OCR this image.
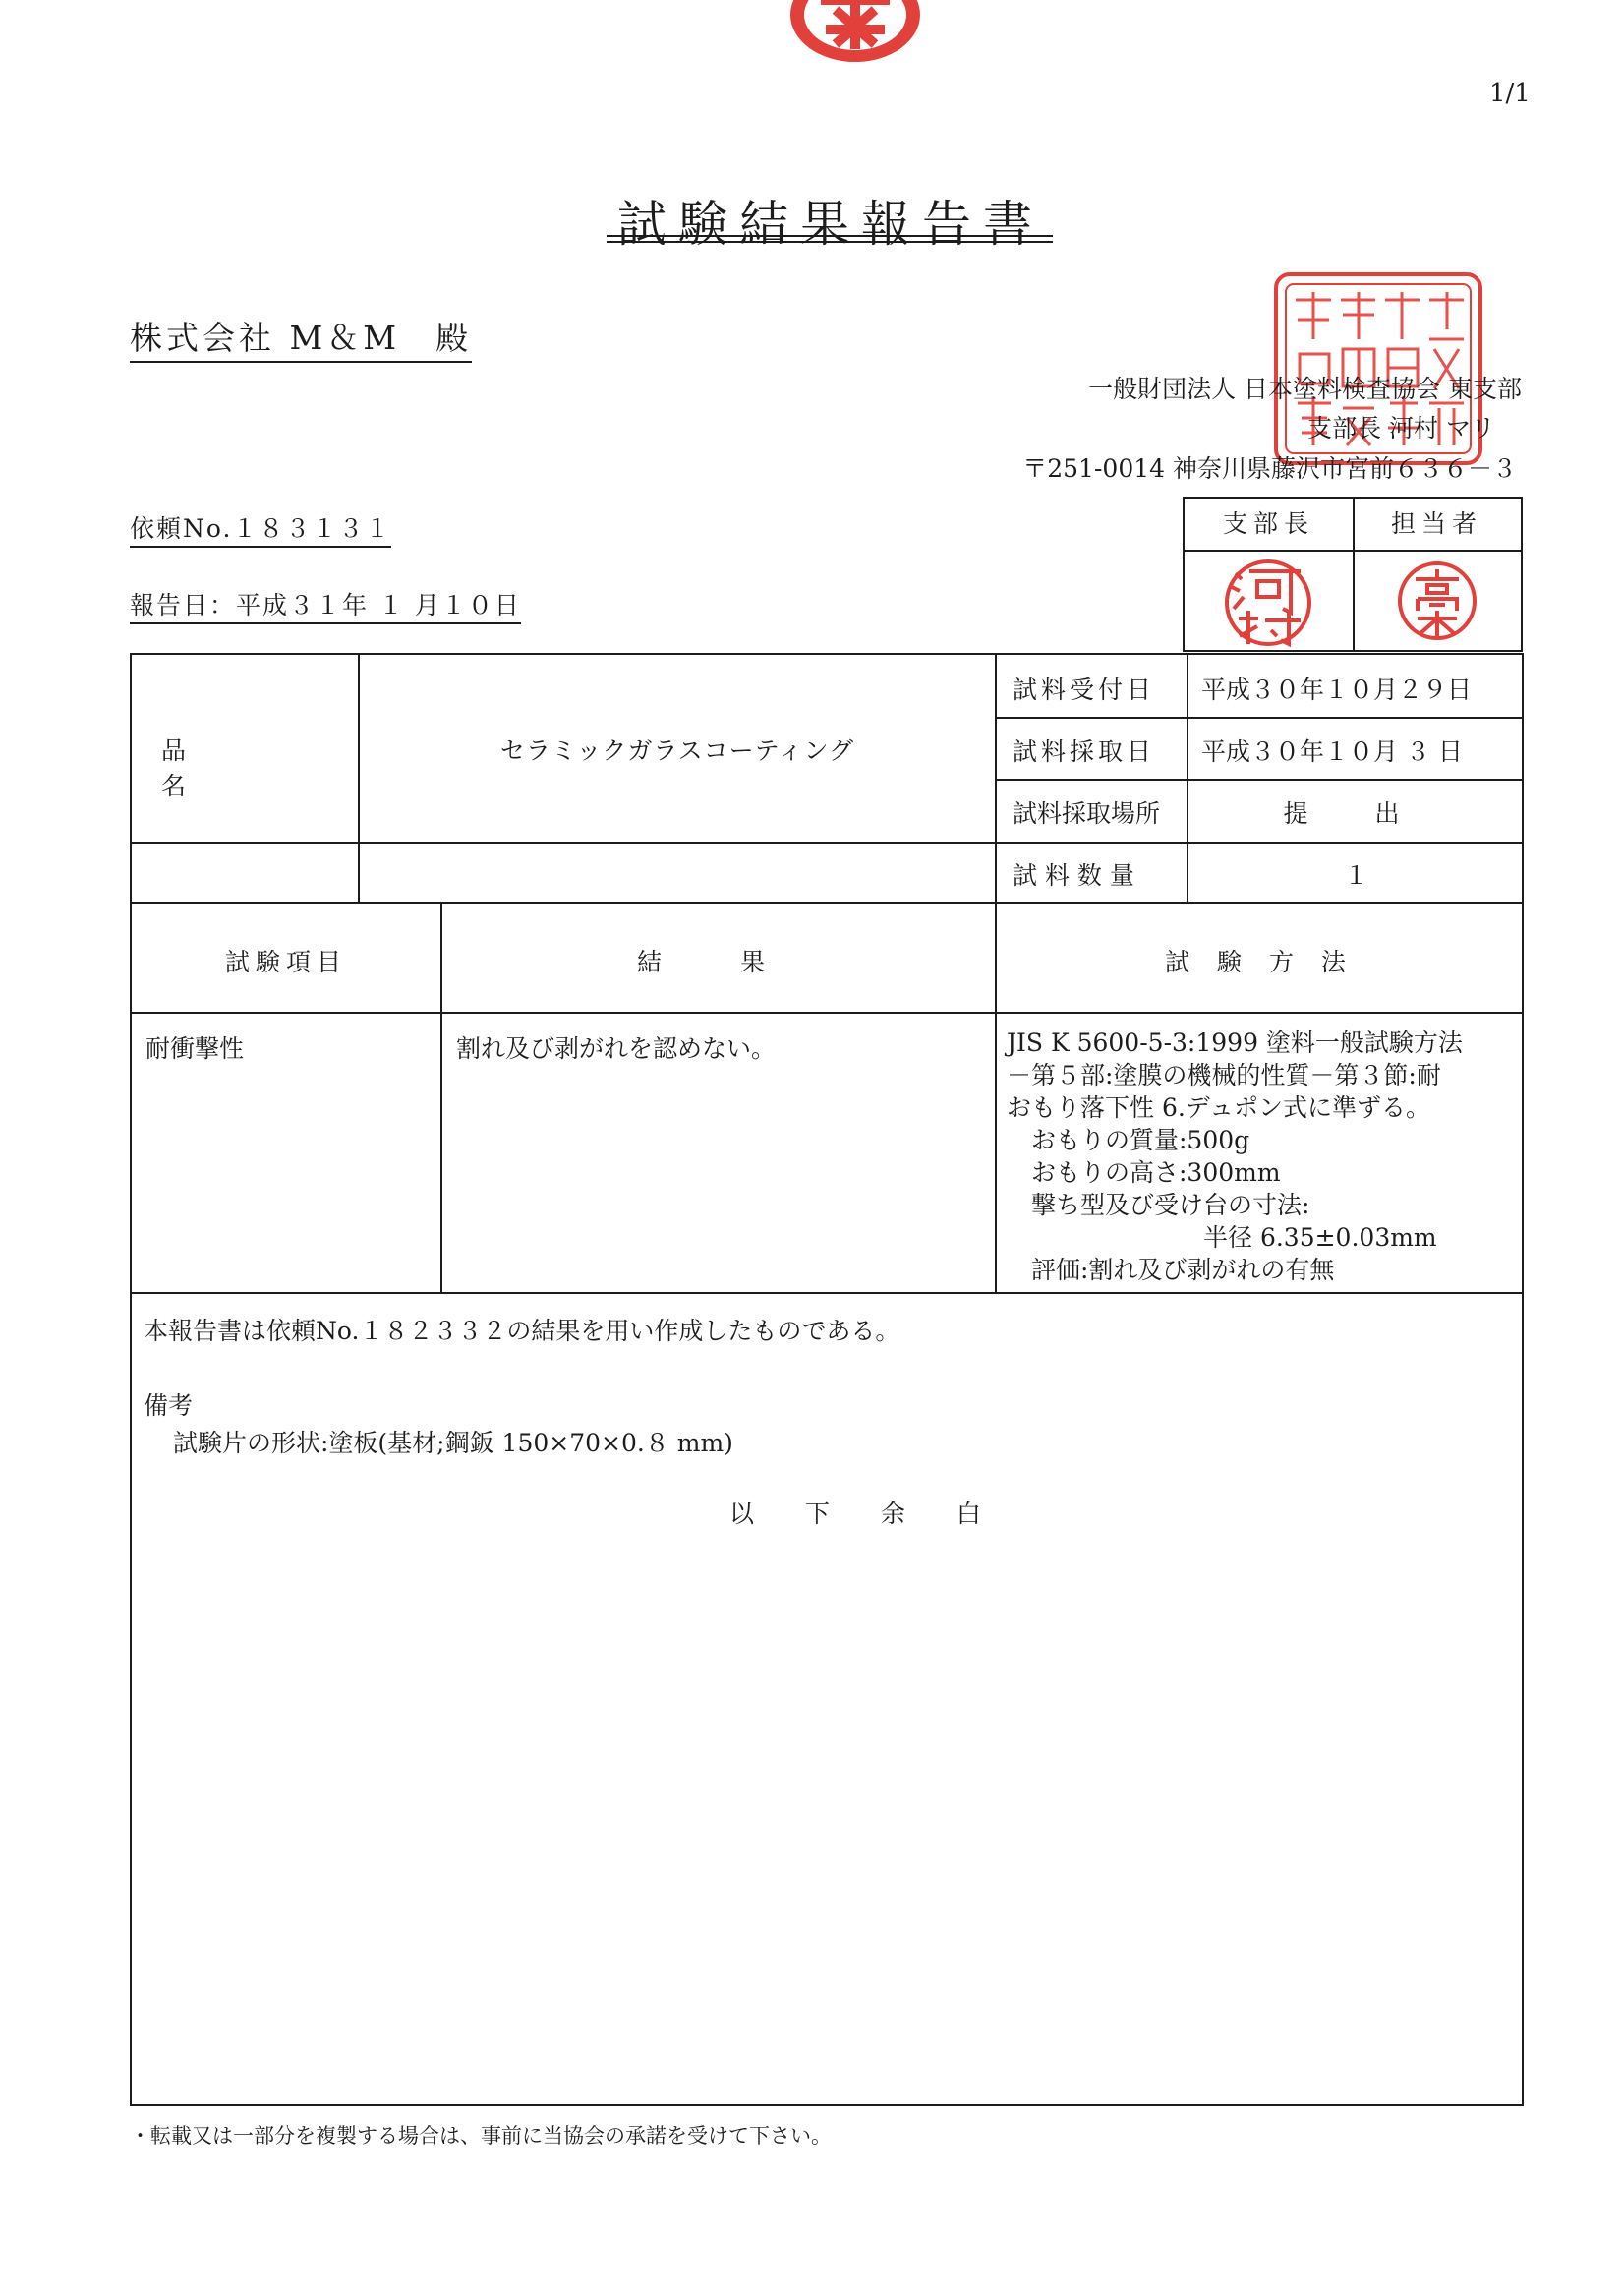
1/1
試験結果報告書
株式会社 M＆M 殿
一般財団法人 日本塗料検査協会 東支部
支部長 河村 マリ
〒251-0014 神奈川県藤沢市宮前６３６－３
依頼No.１８３１３１
報告日：平成３１年 １ 月１０日
支部長	担当者
品 名
セラミックガラスコーティング
試料受付日 平成３０年１０月２９日
試料採取日 平成３０年１０月 ３ 日
試料採取場所	提 出
試 料 数 量	１
試験項目	結 果	試 験 方 法
耐衝撃性	割れ及び剥がれを認めない。	JIS K 5600-5-3:1999 塗料一般試験方法
－第５部:塗膜の機械的性質－第３節:耐
おもり落下性 6.デュポン式に準ずる。
　おもりの質量:500g
　おもりの高さ:300mm
　撃ち型及び受け台の寸法:
　　　　　　　　半径 6.35±0.03mm
　評価:割れ及び剥がれの有無
本報告書は依頼No.１８２３３２の結果を用い作成したものである。
備考
試験片の形状:塗板(基材;鋼鈑 150×70×0.８ mm)
以 下 余 白
・転載又は一部分を複製する場合は、事前に当協会の承諾を受けて下さい。
